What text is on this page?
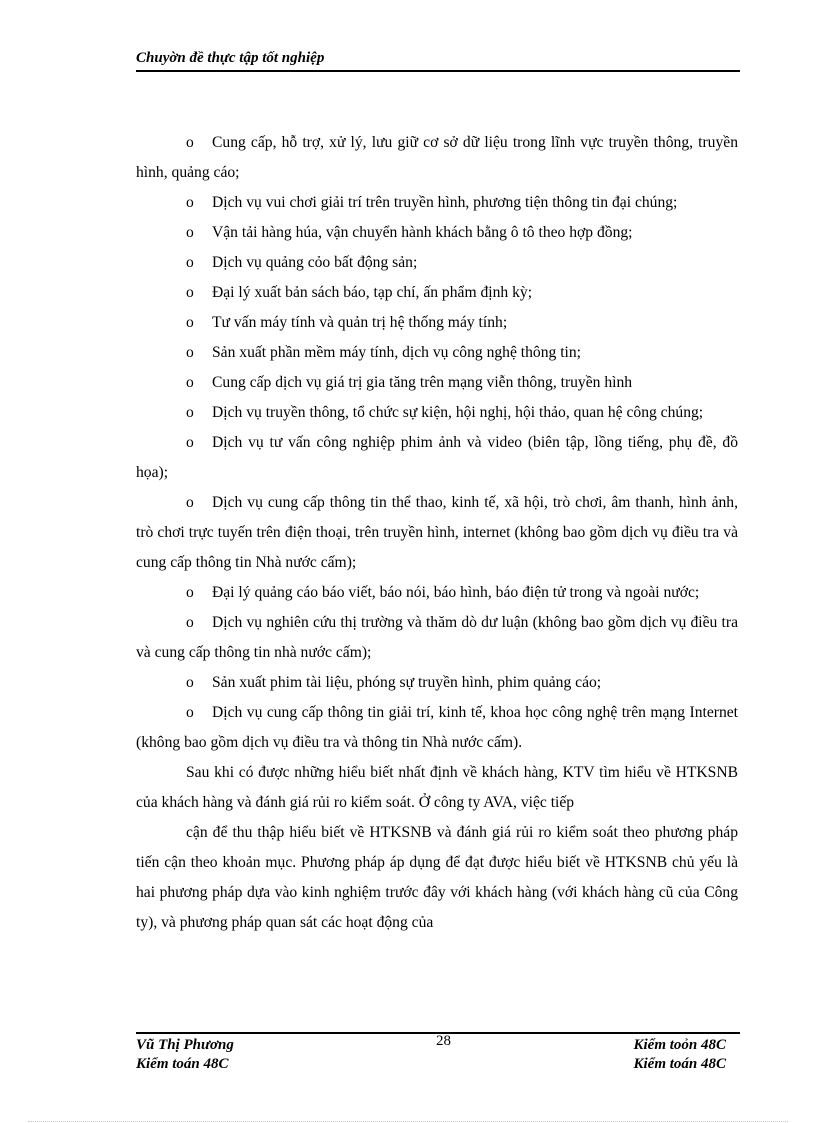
Chuyờn đề thực tập tốt nghiệp

o Cung cấp, hỗ trợ, xử lý, lưu giữ cơ sở dữ liệu trong lĩnh vực truyền thông, truyền hình, quảng cáo;

o Dịch vụ vui chơi giải trí trên truyền hình, phương tiện thông tin đại chúng;

o Vận tải hàng húa, vận chuyển hành khách bằng ô tô theo hợp đồng;

o Dịch vụ quảng cỏo bất động sản;

o Đại lý xuất bản sách báo, tạp chí, ấn phẩm định kỳ;

o Tư vấn máy tính và quản trị hệ thống máy tính;

o Sản xuất phần mềm máy tính, dịch vụ công nghệ thông tin;

o Cung cấp dịch vụ giá trị gia tăng trên mạng viễn thông, truyền hình

o Dịch vụ truyền thông, tổ chức sự kiện, hội nghị, hội thảo, quan hệ công chúng;

o Dịch vụ tư vấn công nghiệp phim ảnh và video (biên tập, lồng tiếng, phụ đề, đồ họa);

o Dịch vụ cung cấp thông tin thể thao, kinh tế, xã hội, trò chơi, âm thanh, hình ảnh, trò chơi trực tuyến trên điện thoại, trên truyền hình, internet (không bao gồm dịch vụ điều tra và cung cấp thông tin Nhà nước cấm);

o Đại lý quảng cáo báo viết, báo nói, báo hình, báo điện tử trong và ngoài nước;

o Dịch vụ nghiên cứu thị trường và thăm dò dư luận (không bao gồm dịch vụ điều tra và cung cấp thông tin nhà nước cấm);

o Sản xuất phim tài liệu, phóng sự truyền hình, phim quảng cáo;

o Dịch vụ cung cấp thông tin giải trí, kinh tế, khoa học công nghệ trên mạng Internet (không bao gồm dịch vụ điều tra và thông tin Nhà nước cấm).

Sau khi có được những hiểu biết nhất định về khách hàng, KTV tìm hiểu về HTKSNB của khách hàng và đánh giá rủi ro kiểm soát. Ở công ty AVA, việc tiếp

cận để thu thập hiểu biết về HTKSNB và đánh giá rủi ro kiểm soát theo phương pháp tiến cận theo khoản mục. Phương pháp áp dụng để đạt được hiểu biết về HTKSNB chủ yếu là hai phương pháp dựa vào kinh nghiệm trước đây với khách hàng (với khách hàng cũ của Công ty), và phương pháp quan sát các hoạt động của

Vũ Thị Phương
Kiểm toán 48C
28	Kiểm toỏn 48C
Kiểm toán 48C
